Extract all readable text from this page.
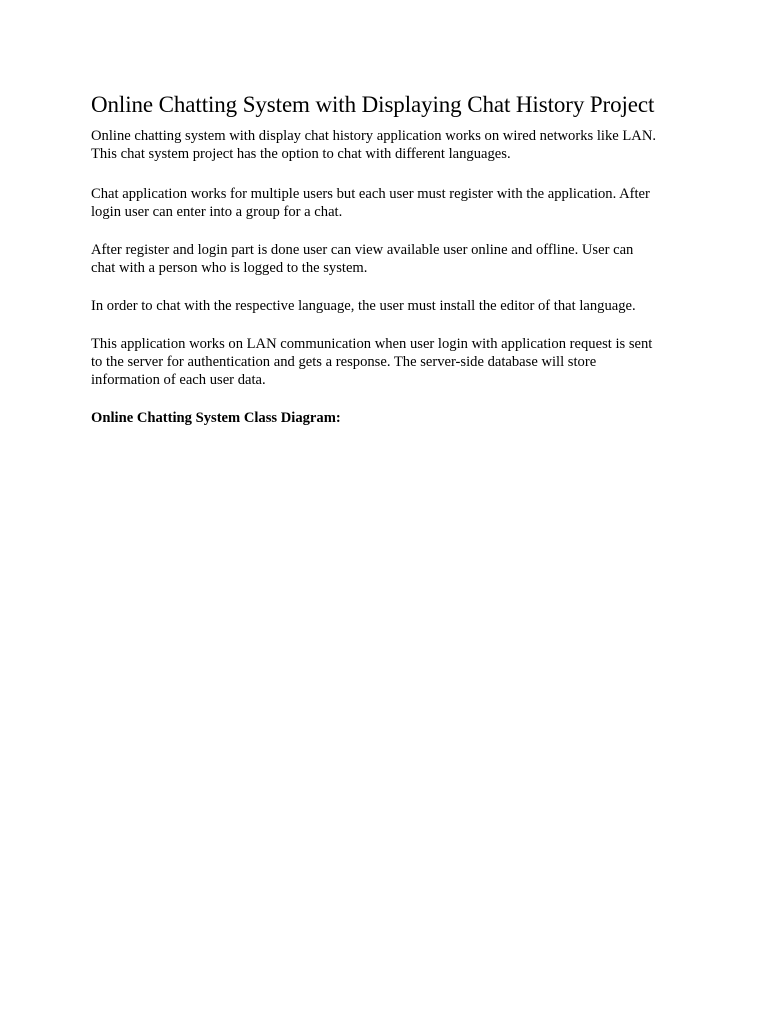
Online Chatting System with Displaying Chat History Project

Online chatting system with display chat history application works on wired networks like LAN.
This chat system project has the option to chat with different languages.

Chat application works for multiple users but each user must register with the application. After
login user can enter into a group for a chat.

After register and login part is done user can view available user online and offline. User can
chat with a person who is logged to the system.

In order to chat with the respective language, the user must install the editor of that language.

This application works on LAN communication when user login with application request is sent
to the server for authentication and gets a response. The server-side database will store
information of each user data.

Online Chatting System Class Diagram:
